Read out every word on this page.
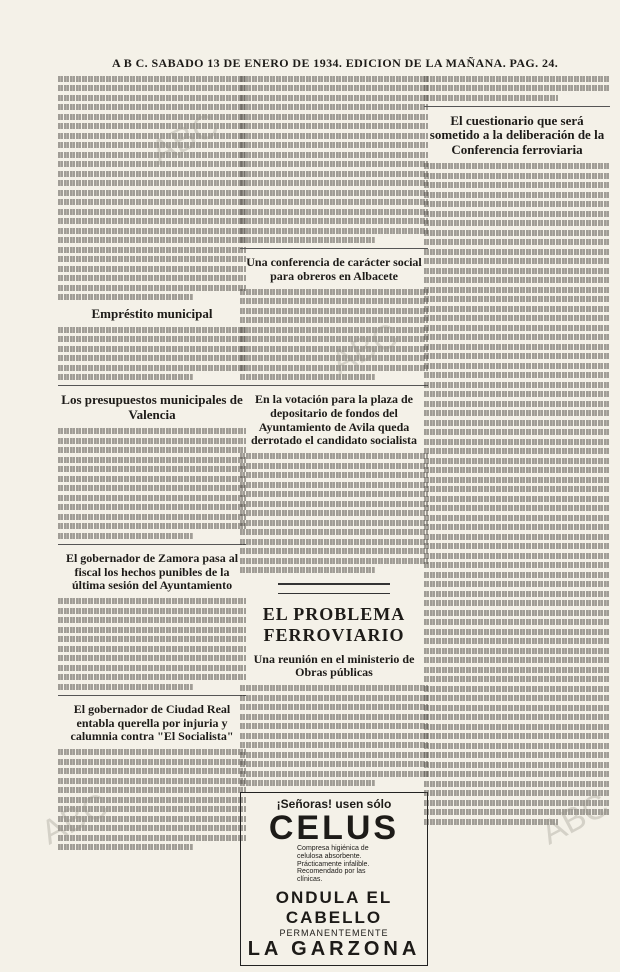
A B C. SABADO 13 DE ENERO DE 1934. EDICION DE LA MAÑANA. PAG. 24.
Empréstito municipal
Los presupuestos municipales de Valencia
El gobernador de Zamora pasa al fiscal los hechos punibles de la última sesión del Ayuntamiento
El gobernador de Ciudad Real entabla querella por injuria y calumnia contra "El Socialista"
Una conferencia de carácter social para obreros en Albacete
En la votación para la plaza de depositario de fondos del Ayuntamiento de Avila queda derrotado el candidato socialista
EL PROBLEMA FERROVIARIO
Una reunión en el ministerio de Obras públicas
¡Señoras! usen sólo
CELUSCompresa higiénica de celulosa absorbente. Prácticamente infalible. Recomendado por las clínicas.
ONDULA EL CABELLO
PERMANENTEMENTE
LA GARZONA
El cuestionario que será sometido a la deliberación de la Conferencia ferroviaria
ABC
ABC
ABC	ABC
